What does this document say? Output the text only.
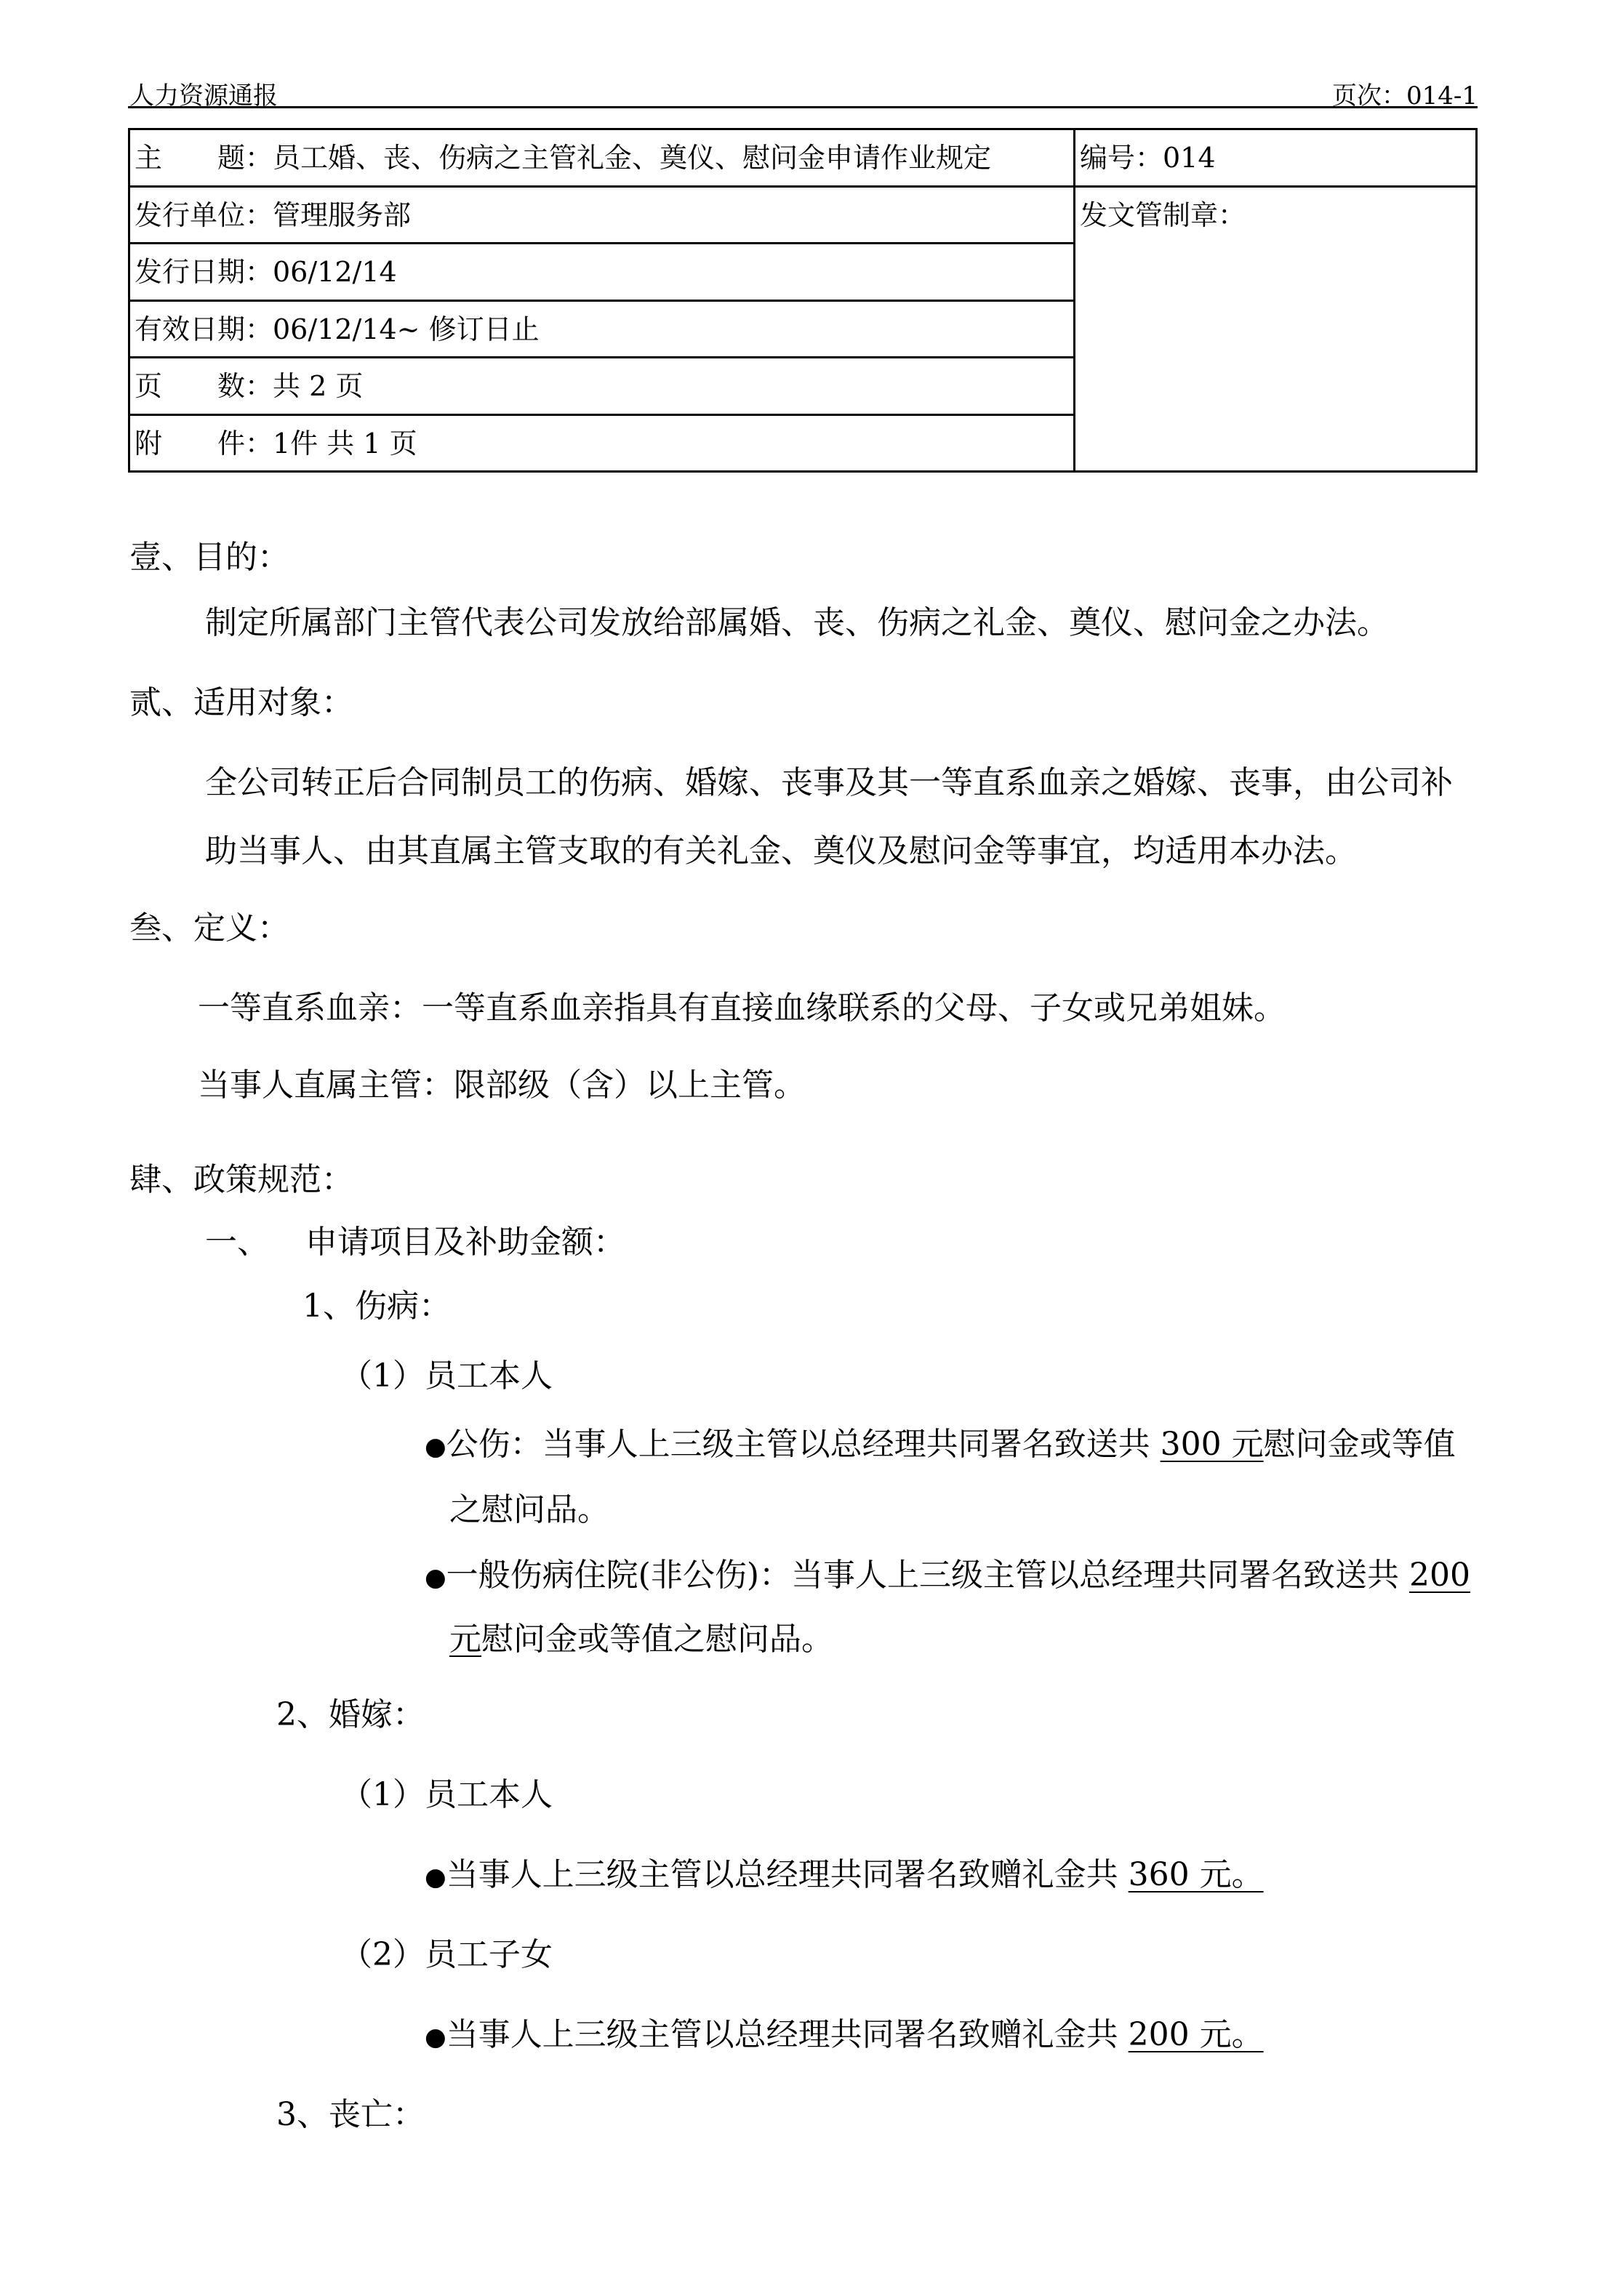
人力资源通报	页次：014-1
主　　题：员工婚、丧、伤病之主管礼金、奠仪、慰问金申请作业规定
发行单位：管理服务部
发行日期：06/12/14
有效日期：06/12/14~ 修订日止
页　　数：共 2 页
附　　件：1件 共 1 页
编号：014
发文管制章：
壹、目的：
制定所属部门主管代表公司发放给部属婚、丧、伤病之礼金、奠仪、慰问金之办法。
贰、适用对象：
全公司转正后合同制员工的伤病、婚嫁、丧事及其一等直系血亲之婚嫁、丧事，由公司补
助当事人、由其直属主管支取的有关礼金、奠仪及慰问金等事宜，均适用本办法。
叁、定义：
一等直系血亲：一等直系血亲指具有直接血缘联系的父母、子女或兄弟姐妹。
当事人直属主管：限部级（含）以上主管。
肆、政策规范：
一、 申请项目及补助金额：
1、伤病：
（1）员工本人
●公伤：当事人上三级主管以总经理共同署名致送共 300 元慰问金或等值
之慰问品。
●一般伤病住院(非公伤)：当事人上三级主管以总经理共同署名致送共 200
元慰问金或等值之慰问品。
2、婚嫁：
（1）员工本人
●当事人上三级主管以总经理共同署名致赠礼金共 360 元。
（2）员工子女
●当事人上三级主管以总经理共同署名致赠礼金共 200 元。
3、丧亡：
